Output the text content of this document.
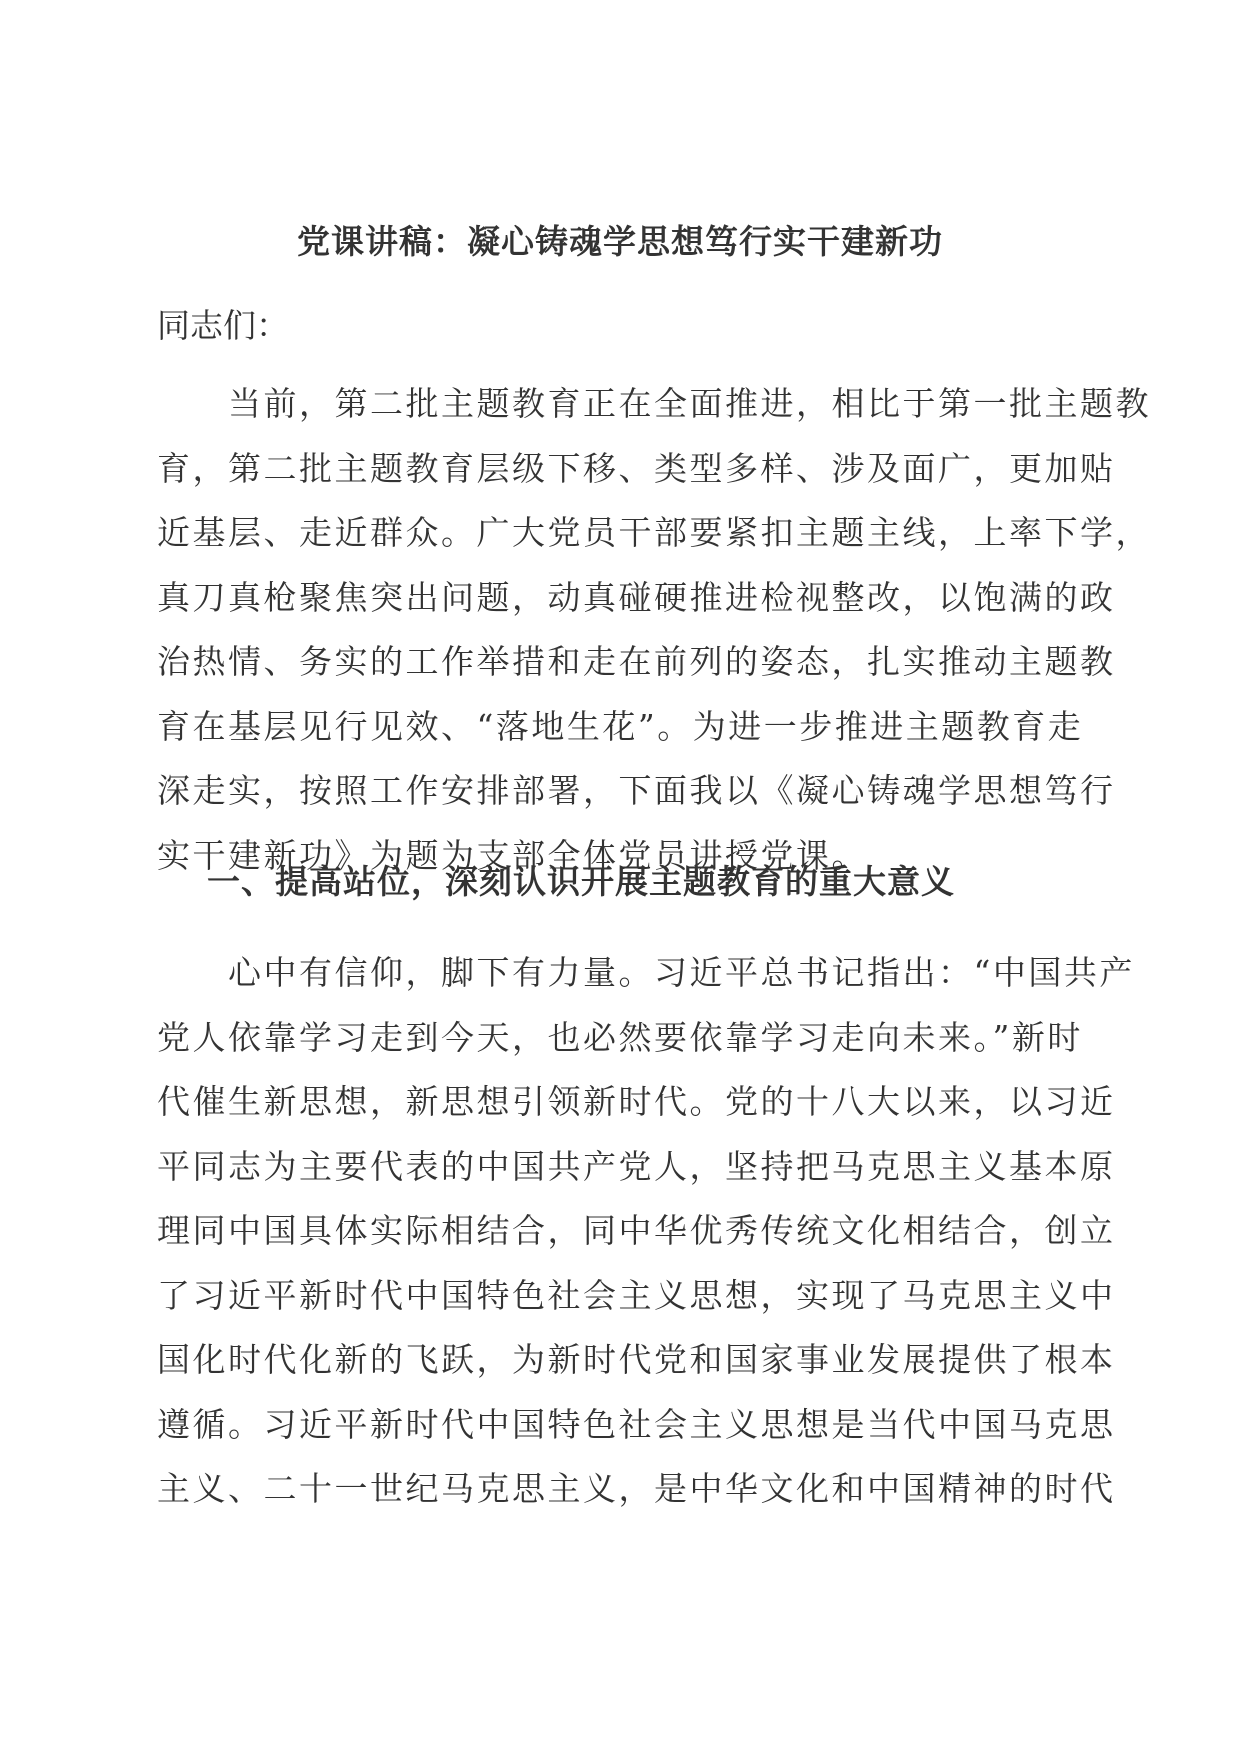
党课讲稿：凝心铸魂学思想笃行实干建新功
同志们：
　　当前，第二批主题教育正在全面推进，相比于第一批主题教
育，第二批主题教育层级下移、类型多样、涉及面广，更加贴
近基层、走近群众。广大党员干部要紧扣主题主线，上率下学，
真刀真枪聚焦突出问题，动真碰硬推进检视整改，以饱满的政
治热情、务实的工作举措和走在前列的姿态，扎实推动主题教
育在基层见行见效、“落地生花”。为进一步推进主题教育走
深走实，按照工作安排部署，下面我以《凝心铸魂学思想笃行
实干建新功》为题为支部全体党员讲授党课。
一、提高站位，深刻认识开展主题教育的重大意义
　　心中有信仰，脚下有力量。习近平总书记指出：“中国共产
党人依靠学习走到今天，也必然要依靠学习走向未来。”新时
代催生新思想，新思想引领新时代。党的十八大以来，以习近
平同志为主要代表的中国共产党人，坚持把马克思主义基本原
理同中国具体实际相结合，同中华优秀传统文化相结合，创立
了习近平新时代中国特色社会主义思想，实现了马克思主义中
国化时代化新的飞跃，为新时代党和国家事业发展提供了根本
遵循。习近平新时代中国特色社会主义思想是当代中国马克思
主义、二十一世纪马克思主义，是中华文化和中国精神的时代
